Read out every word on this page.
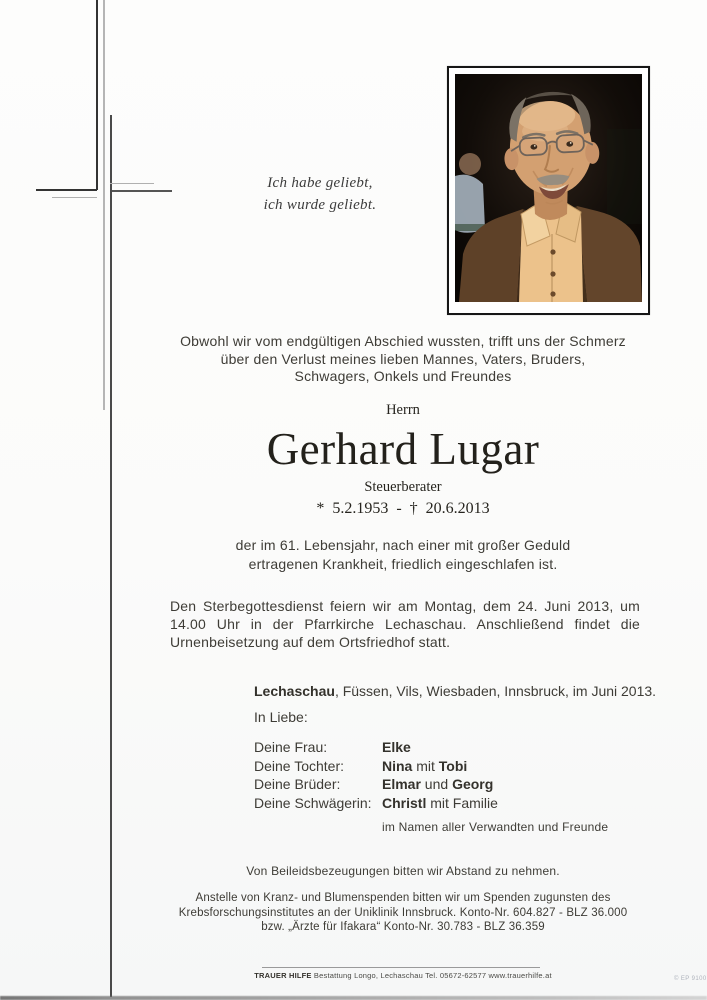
Ich habe geliebt,
ich wurde geliebt.
Obwohl wir vom endgültigen Abschied wussten, trifft uns der Schmerz
über den Verlust meines lieben Mannes, Vaters, Bruders,
Schwagers, Onkels und Freundes
Herrn
Gerhard Lugar
Steuerberater
* 5.2.1953 - † 20.6.2013
der im 61. Lebensjahr, nach einer mit großer Geduld
ertragenen Krankheit, friedlich eingeschlafen ist.
Den Sterbegottesdienst feiern wir am Montag, dem 24. Juni 2013, um 14.00 Uhr in der Pfarrkirche Lechaschau. Anschließend findet die Urnenbeisetzung auf dem Ortsfriedhof statt.
Lechaschau, Füssen, Vils, Wiesbaden, Innsbruck, im Juni 2013.
In Liebe:
Deine Frau:	Elke
Deine Tochter:	Nina mit Tobi
Deine Brüder:	Elmar und Georg
Deine Schwägerin: Christl mit Familie
im Namen aller Verwandten und Freunde
Von Beileidsbezeugungen bitten wir Abstand zu nehmen.
Anstelle von Kranz- und Blumenspenden bitten wir um Spenden zugunsten des
Krebsforschungsinstitutes an der Uniklinik Innsbruck. Konto-Nr. 604.827 - BLZ 36.000
bzw. „Ärzte für Ifakara“ Konto-Nr. 30.783 - BLZ 36.359
TRAUER HILFE Bestattung Longo, Lechaschau Tel. 05672-62577 www.trauerhilfe.at	© EP 9100
